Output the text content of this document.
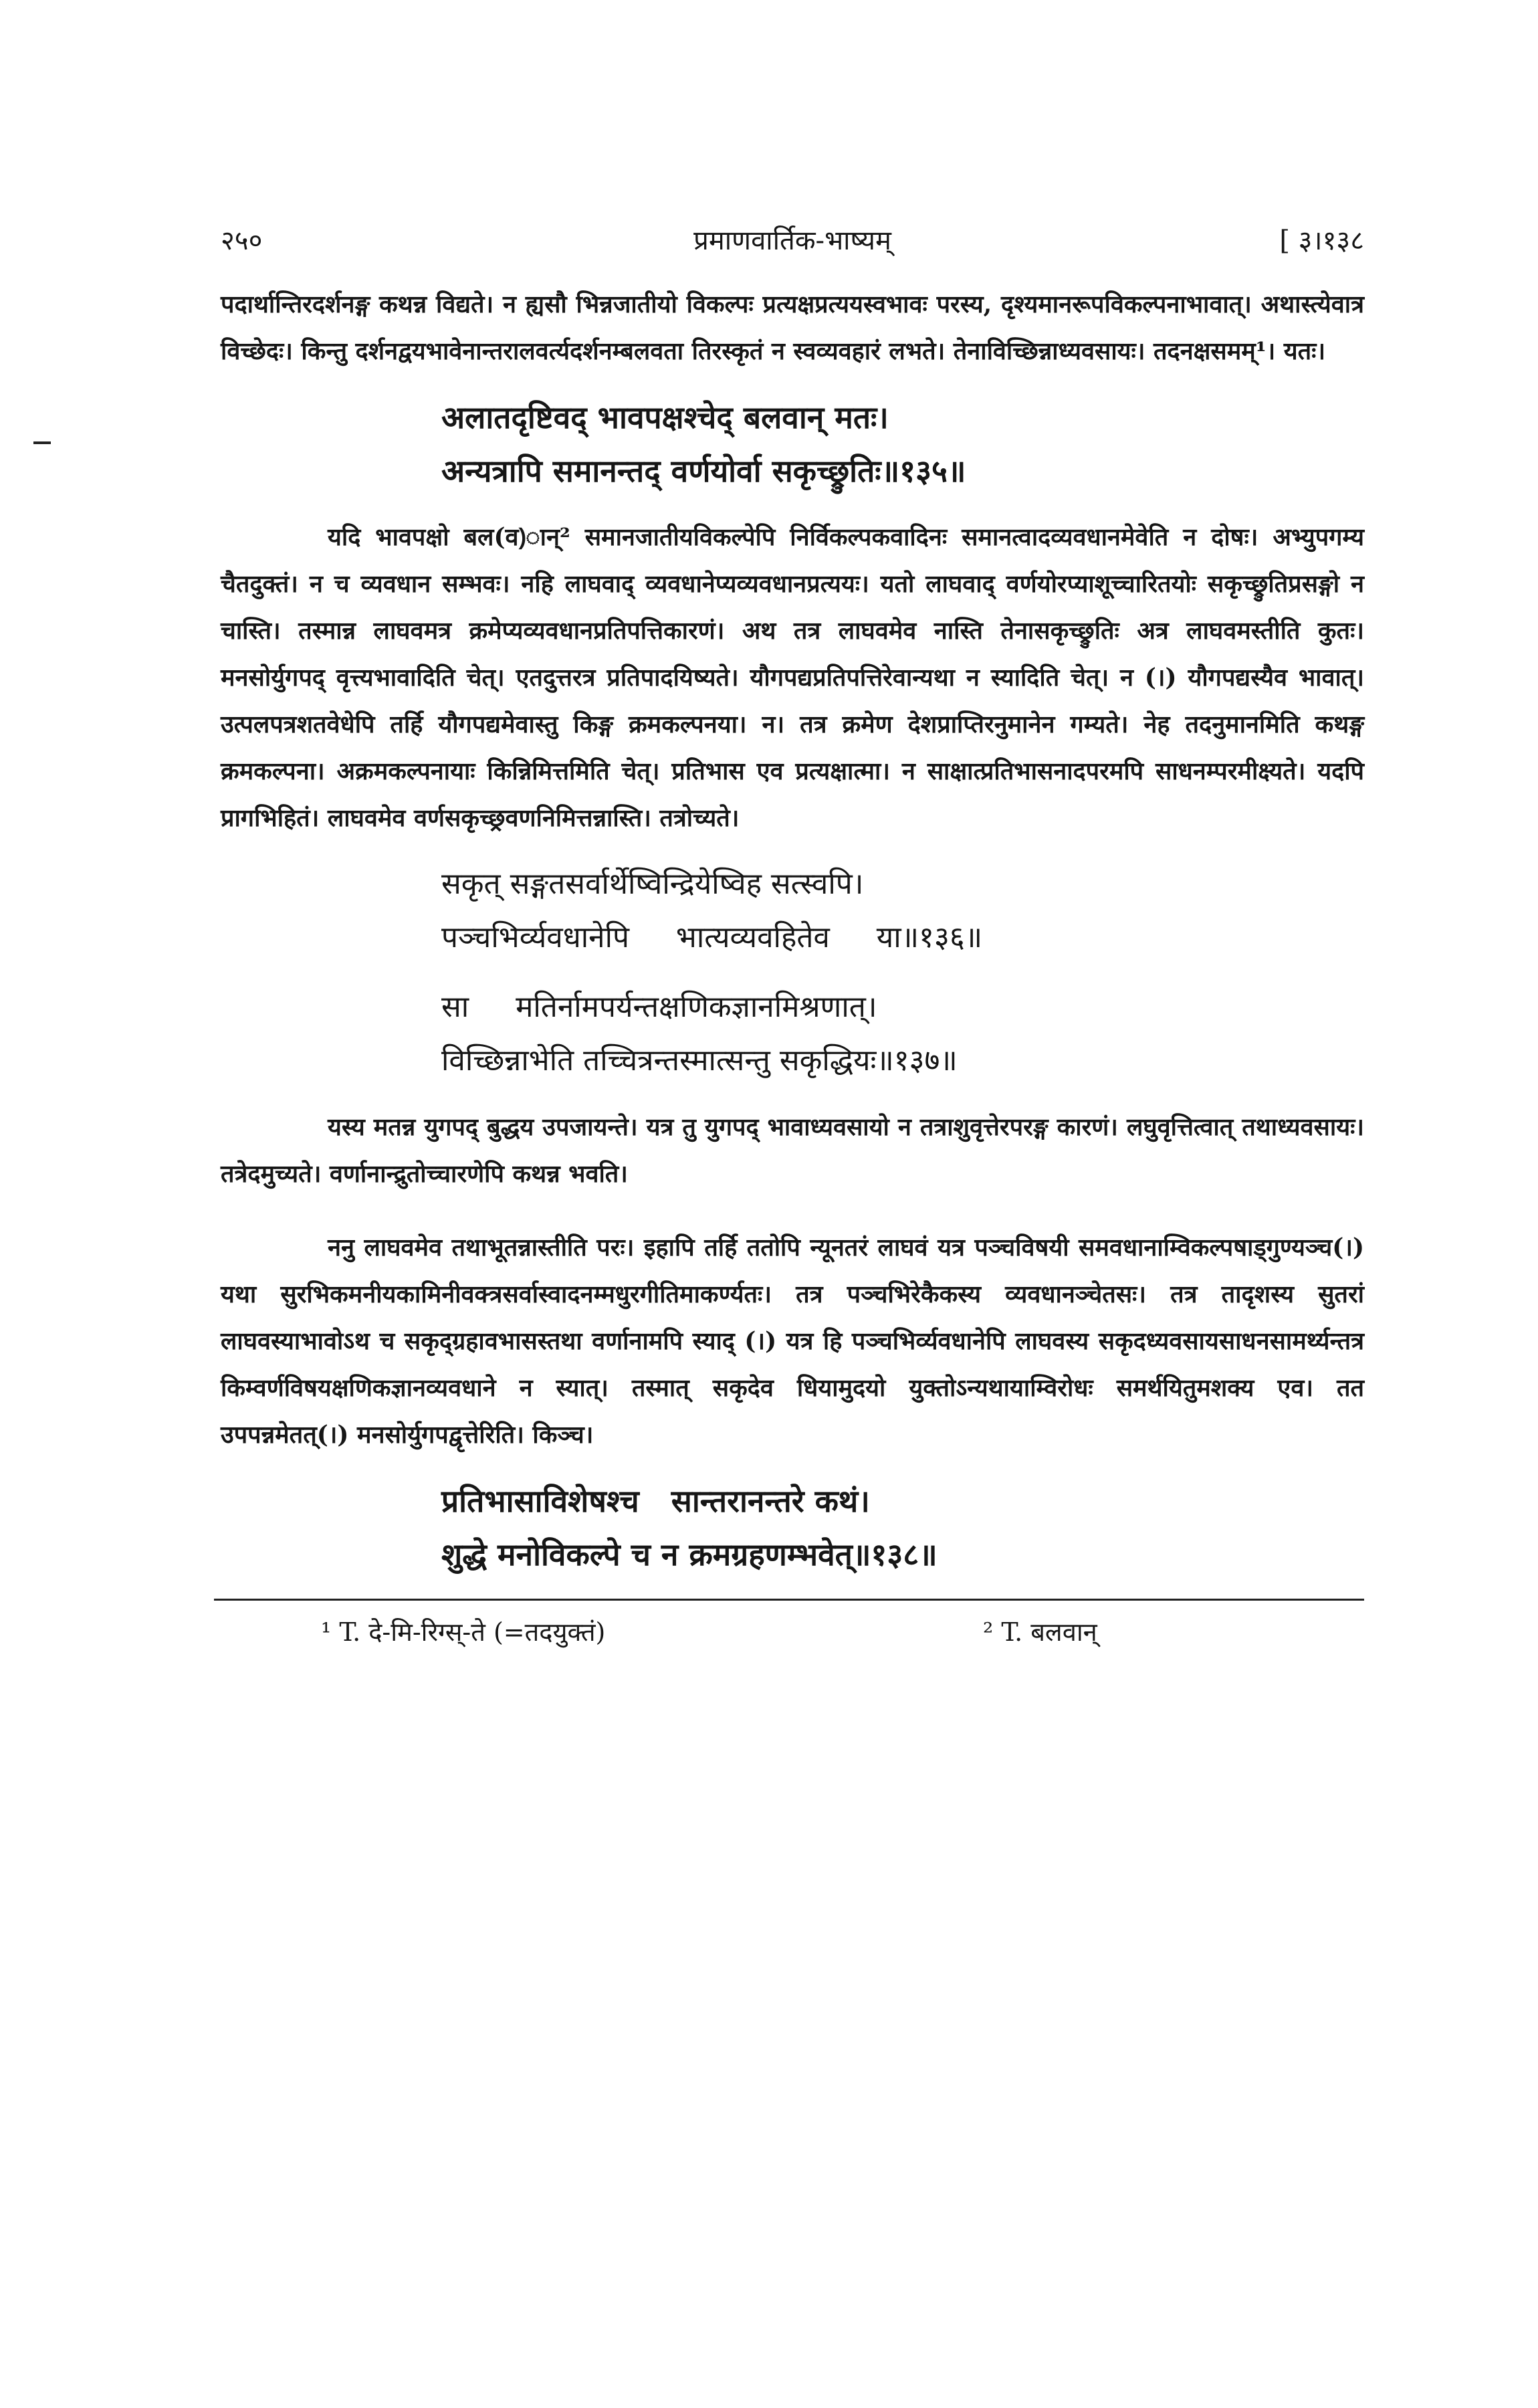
२५०	प्रमाणवार्तिक-भाष्यम्	[ ३।१३८

पदार्थान्तिरदर्शनङ्ग कथन्न विद्यते। न ह्यसौ भिन्नजातीयो विकल्पः प्रत्यक्षप्रत्ययस्वभावः परस्य, दृश्यमानरूपविकल्पनाभावात्। अथास्त्येवात्र विच्छेदः। किन्तु दर्शनद्वयभावेनान्तरालवर्त्यदर्शनम्बलवता तिरस्कृतं न स्वव्यवहारं लभते। तेनाविच्छिन्नाध्यवसायः। तदनक्षसमम्¹। यतः।

अलातदृष्टिवद् भावपक्षश्चेद् बलवान् मतः।
अन्यत्रापि समानन्तद् वर्णयोर्वा सकृच्छ्रुतिः॥१३५॥

यदि भावपक्षो बल(व)ान्² समानजातीयविकल्पेपि निर्विकल्पकवादिनः समानत्वादव्यवधानमेवेति न दोषः। अभ्युपगम्य चैतदुक्तं। न च व्यवधान सम्भवः। नहि लाघवाद् व्यवधानेप्यव्यवधानप्रत्ययः। यतो लाघवाद् वर्णयोरप्याशूच्चारितयोः सकृच्छ्रुतिप्रसङ्गो न चास्ति। तस्मान्न लाघवमत्र क्रमेप्यव्यवधानप्रतिपत्तिकारणं। अथ तत्र लाघवमेव नास्ति तेनासकृच्छ्रुतिः अत्र लाघवमस्तीति कुतः। मनसोर्युगपद् वृत्त्यभावादिति चेत्। एतदुत्तरत्र प्रतिपादयिष्यते। यौगपद्यप्रतिपत्तिरेवान्यथा न स्यादिति चेत्। न (।) यौगपद्यस्यैव भावात्। उत्पलपत्रशतवेधेपि तर्हि यौगपद्यमेवास्तु किङ्ग क्रमकल्पनया। न। तत्र क्रमेण देशप्राप्तिरनुमानेन गम्यते। नेह तदनुमानमिति कथङ्ग क्रमकल्पना। अक्रमकल्पनायाः किन्निमित्तमिति चेत्। प्रतिभास एव प्रत्यक्षात्मा। न साक्षात्प्रतिभासनादपरमपि साधनम्परमीक्ष्यते। यदपि प्रागभिहितं। लाघवमेव वर्णसकृच्छ्रवणनिमित्तन्नास्ति। तत्रोच्यते।

सकृत् सङ्गतसर्वार्थेष्विन्द्रियेष्विह सत्स्वपि।
पञ्चभिर्व्यवधानेपि     भात्यव्यवहितेव     या॥१३६॥
सा     मतिर्नामपर्यन्तक्षणिकज्ञानमिश्रणात्।
विच्छिन्नाभेति तच्चित्रन्तस्मात्सन्तु सकृद्धियः॥१३७॥

यस्य मतन्न युगपद् बुद्धय उपजायन्ते। यत्र तु युगपद् भावाध्यवसायो न तत्राशुवृत्तेरपरङ्ग कारणं। लघुवृत्तित्वात् तथाध्यवसायः। तत्रेदमुच्यते। वर्णानान्द्रुतोच्चारणेपि कथन्न भवति।

ननु लाघवमेव तथाभूतन्नास्तीति परः। इहापि तर्हि ततोपि न्यूनतरं लाघवं यत्र पञ्चविषयी समवधानाम्विकल्पषाड्गुण्यञ्च(।) यथा सुरभिकमनीयकामिनीवक्त्रसर्वास्वादनम्मधुरगीतिमाकर्ण्यतः। तत्र पञ्चभिरेकैकस्य व्यवधानञ्चेतसः। तत्र तादृशस्य सुतरां लाघवस्याभावोऽथ च सकृद्ग्रहावभासस्तथा वर्णानामपि स्याद् (।) यत्र हि पञ्चभिर्व्यवधानेपि लाघवस्य सकृदध्यवसायसाधनसामर्थ्यन्तत्र किम्वर्णविषयक्षणिकज्ञानव्यवधाने न स्यात्। तस्मात् सकृदेव धियामुदयो युक्तोऽन्यथायाम्विरोधः समर्थयितुमशक्य एव। तत उपपन्नमेतत्(।) मनसोर्युगपद्वृत्तेरिति। किञ्च।

प्रतिभासाविशेषश्च   सान्तरानन्तरे कथं।
शुद्धे मनोविकल्पे च न क्रमग्रहणम्भवेत्॥१३८॥
¹ T. दे-मि-रिग्स्-ते (=तदयुक्तं)	² T. बलवान्
